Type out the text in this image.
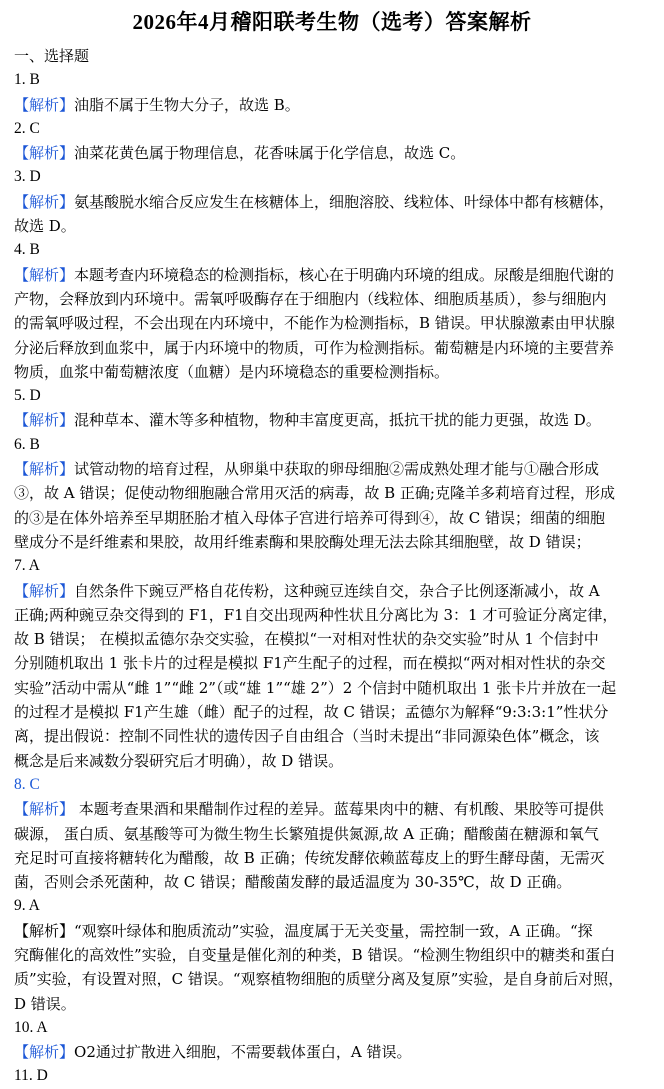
2026年4月稽阳联考生物（选考）答案解析
一、选择题
1. B
【解析】油脂不属于生物大分子，故选 B。
2. C
【解析】油菜花黄色属于物理信息，花香味属于化学信息，故选 C。
3. D
【解析】氨基酸脱水缩合反应发生在核糖体上，细胞溶胶、线粒体、叶绿体中都有核糖体，
故选 D。
4. B
【解析】本题考查内环境稳态的检测指标，核心在于明确内环境的组成。尿酸是细胞代谢的
产物，会释放到内环境中。需氧呼吸酶存在于细胞内（线粒体、细胞质基质），参与细胞内
的需氧呼吸过程，不会出现在内环境中，不能作为检测指标，B 错误。甲状腺激素由甲状腺
分泌后释放到血浆中，属于内环境中的物质，可作为检测指标。葡萄糖是内环境的主要营养
物质，血浆中葡萄糖浓度（血糖）是内环境稳态的重要检测指标。
5. D
【解析】混种草本、灌木等多种植物，物种丰富度更高，抵抗干扰的能力更强，故选 D。
6. B
【解析】试管动物的培育过程，从卵巢中获取的卵母细胞②需成熟处理才能与①融合形成
③，故 A 错误；促使动物细胞融合常用灭活的病毒，故 B 正确;克隆羊多莉培育过程，形成
的③是在体外培养至早期胚胎才植入母体子宫进行培养可得到④，故 C 错误；细菌的细胞
壁成分不是纤维素和果胶，故用纤维素酶和果胶酶处理无法去除其细胞壁，故 D 错误；
7. A
【解析】自然条件下豌豆严格自花传粉，这种豌豆连续自交，杂合子比例逐渐减小，故 A
正确;两种豌豆杂交得到的 F1，F1自交出现两种性状且分离比为 3：1 才可验证分离定律，
故 B 错误； 在模拟孟德尔杂交实验，在模拟“一对相对性状的杂交实验”时从 1 个信封中
分别随机取出 1 张卡片的过程是模拟 F1产生配子的过程，而在模拟“两对相对性状的杂交
实验”活动中需从“雌 1”“雌 2”（或“雄 1”“雄 2”）2 个信封中随机取出 1 张卡片并放在一起
的过程才是模拟 F1产生雄（雌）配子的过程，故 C 错误；孟德尔为解释“9:3:3:1”性状分
离，提出假说：控制不同性状的遗传因子自由组合（当时未提出“非同源染色体”概念，该
概念是后来减数分裂研究后才明确），故 D 错误。
8. C
【解析】 本题考查果酒和果醋制作过程的差异。蓝莓果肉中的糖、有机酸、果胶等可提供
碳源， 蛋白质、氨基酸等可为微生物生长繁殖提供氮源,故 A 正确；醋酸菌在糖源和氧气
充足时可直接将糖转化为醋酸，故 B 正确；传统发酵依赖蓝莓皮上的野生酵母菌，无需灭
菌，否则会杀死菌种，故 C 错误；醋酸菌发酵的最适温度为 30-35℃，故 D 正确。
9. A
【解析】“观察叶绿体和胞质流动”实验，温度属于无关变量，需控制一致，A 正确。“探
究酶催化的高效性”实验，自变量是催化剂的种类，B 错误。“检测生物组织中的糖类和蛋白
质”实验，有设置对照，C 错误。“观察植物细胞的质壁分离及复原”实验，是自身前后对照，
D 错误。
10. A
【解析】O2通过扩散进入细胞，不需要载体蛋白，A 错误。
11. D
